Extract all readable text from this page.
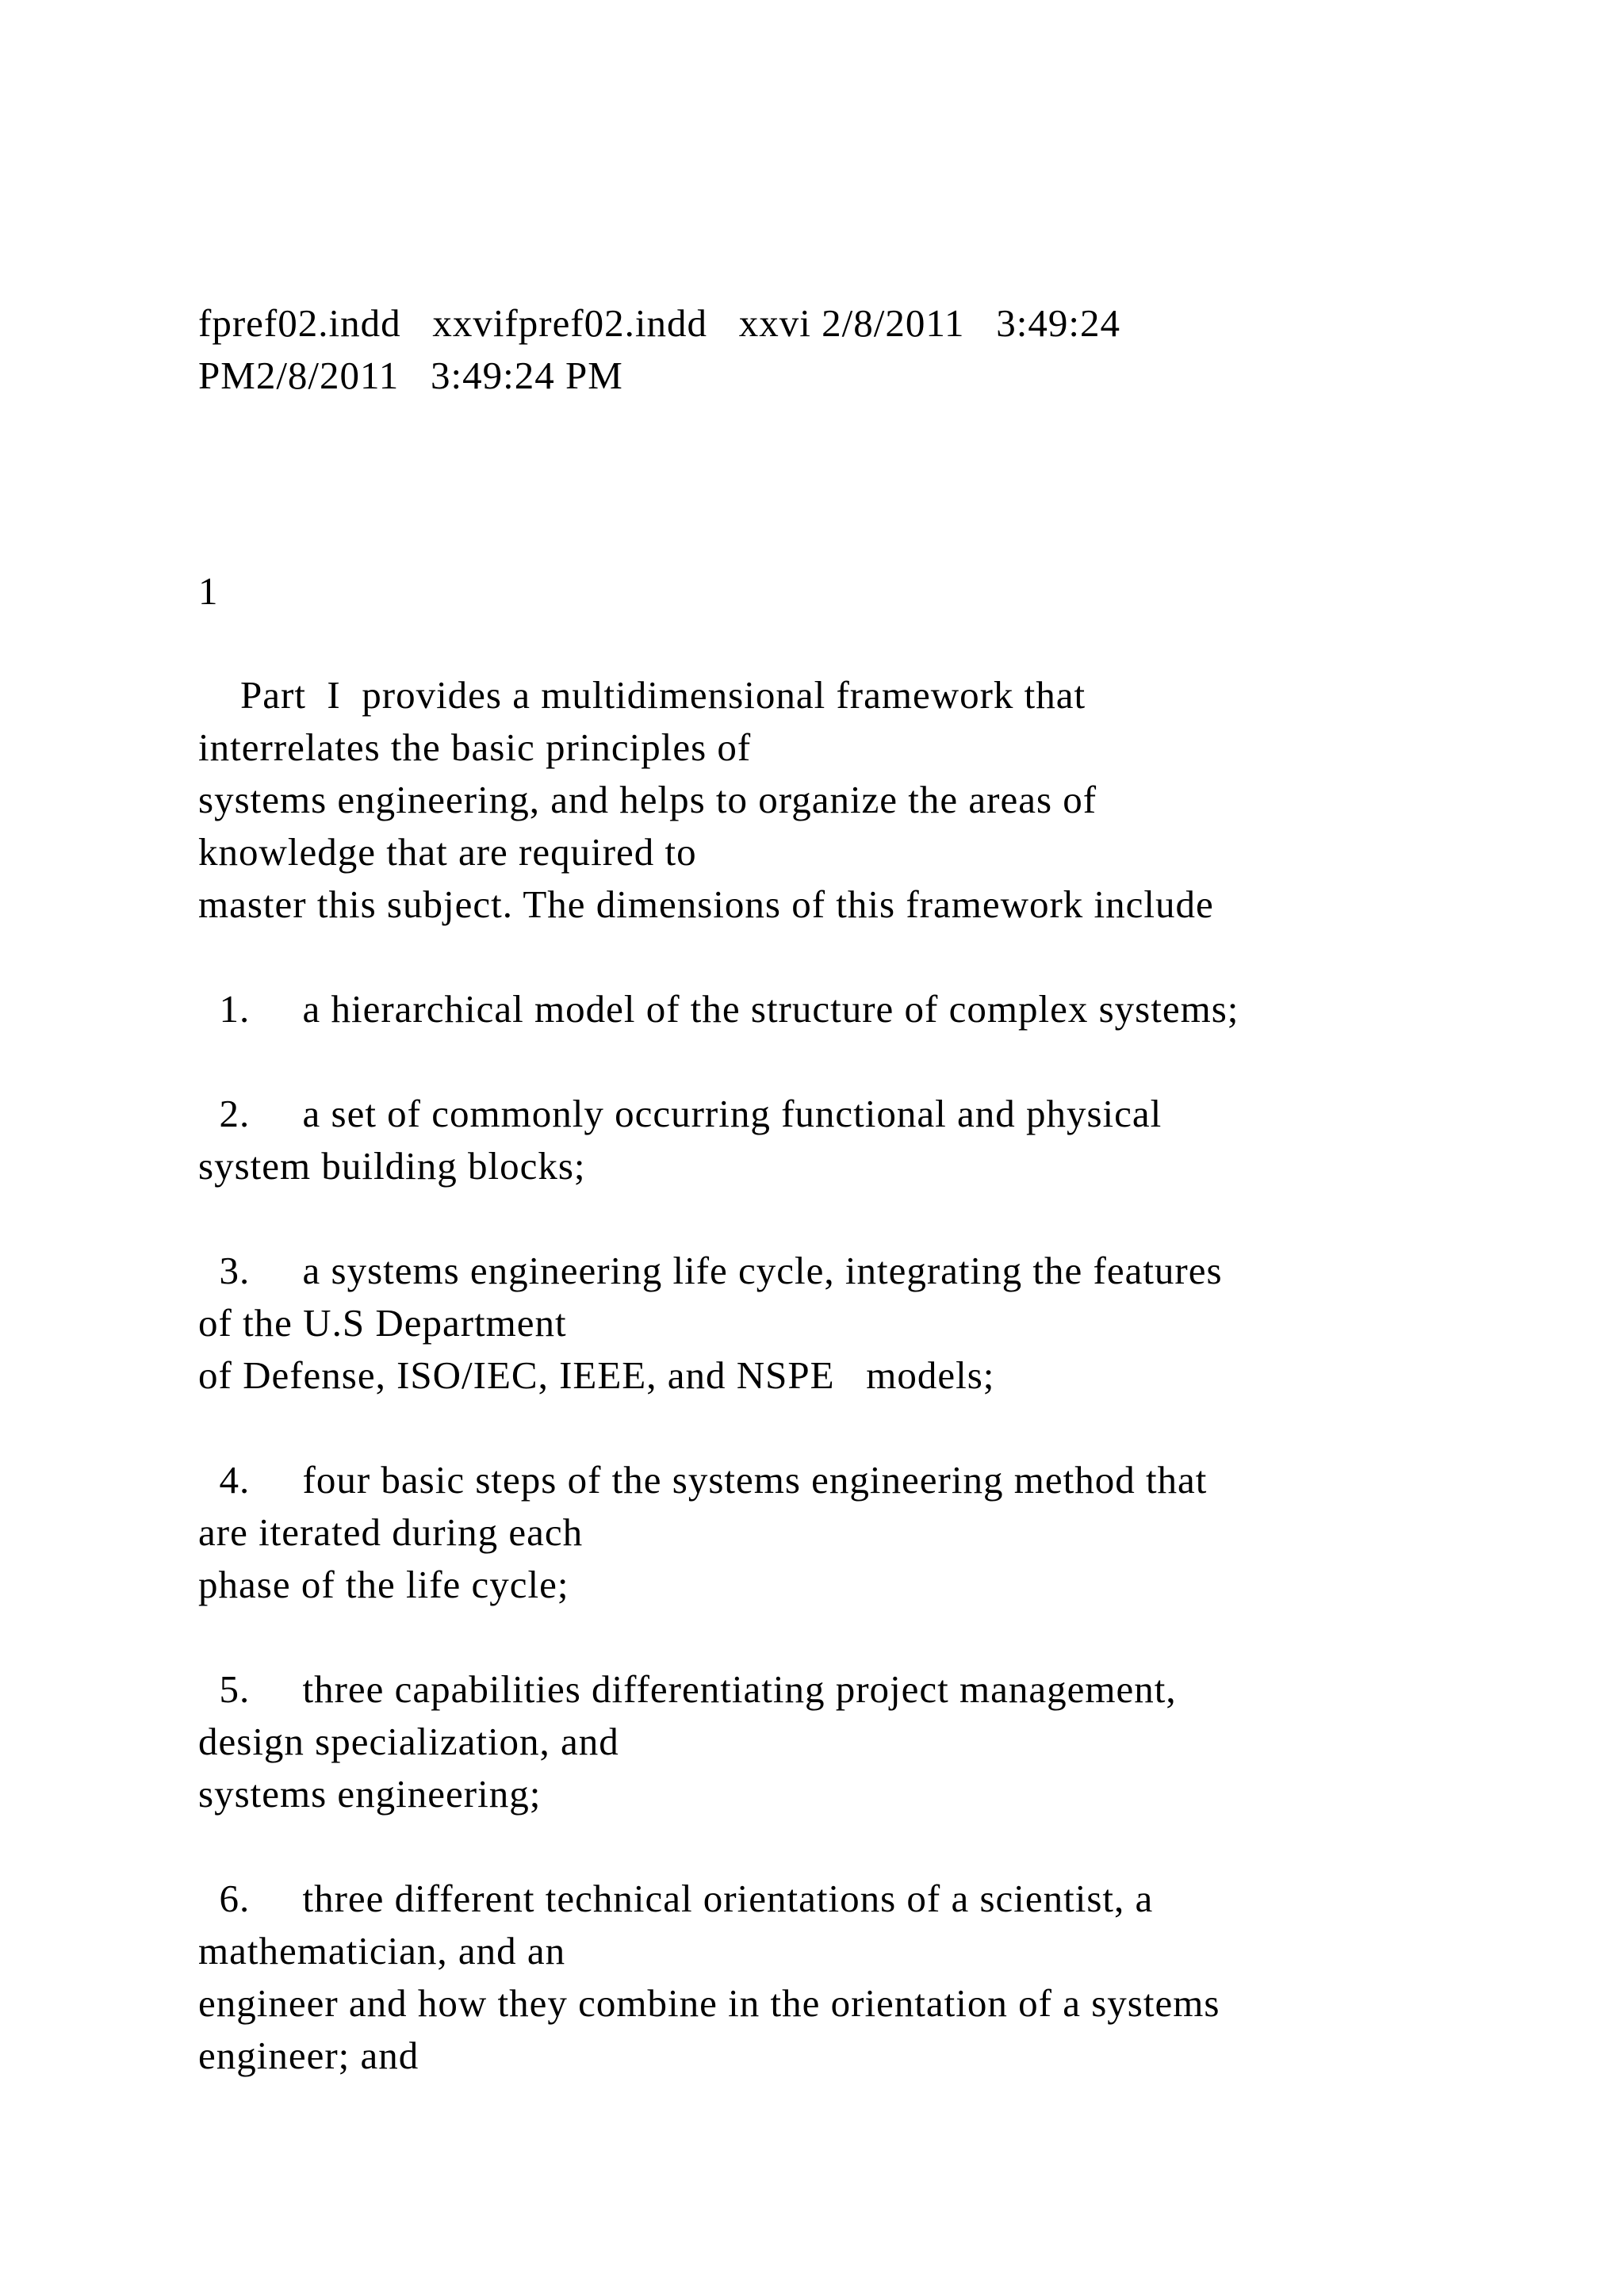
fpref02.indd   xxvifpref02.indd   xxvi 2/8/2011   3:49:24
PM2/8/2011   3:49:24 PM
1
Part  I  provides a multidimensional framework that
interrelates the basic principles of
systems engineering, and helps to organize the areas of
knowledge that are required to
master this subject. The dimensions of this framework include
1.     a hierarchical model of the structure of complex systems;
2.     a set of commonly occurring functional and physical
system building blocks;
3.     a systems engineering life cycle, integrating the features
of the U.S Department
of Defense, ISO/IEC, IEEE, and NSPE   models;
4.     four basic steps of the systems engineering method that
are iterated during each
phase of the life cycle;
5.     three capabilities differentiating project management,
design specialization, and
systems engineering;
6.     three different technical orientations of a scientist, a
mathematician, and an
engineer and how they combine in the orientation of a systems
engineer; and
